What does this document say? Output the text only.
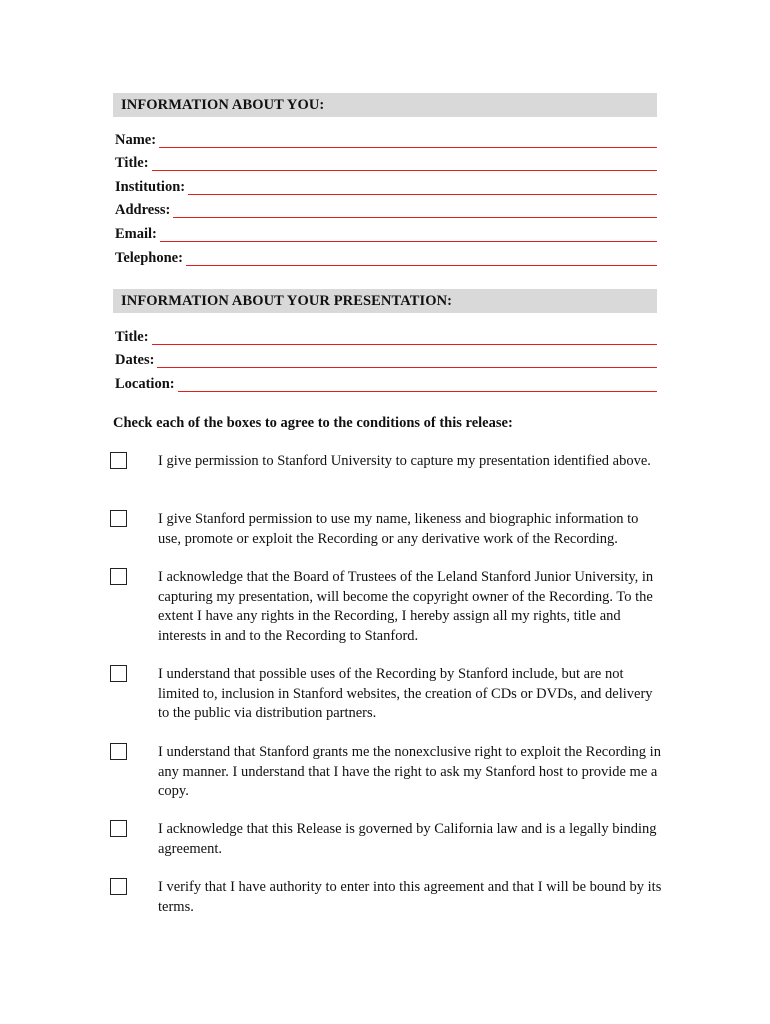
INFORMATION ABOUT YOU:
Name:
Title:
Institution:
Address:
Email:
Telephone:
INFORMATION ABOUT YOUR PRESENTATION:
Title:
Dates:
Location:
Check each of the boxes to agree to the conditions of this release:

I give permission to Stanford University to capture my presentation identified above.

I give Stanford permission to use my name, likeness and biographic information to use, promote or exploit the Recording or any derivative work of the Recording.

I acknowledge that the Board of Trustees of the Leland Stanford Junior University, in capturing my presentation, will become the copyright owner of the Recording. To the extent I have any rights in the Recording, I hereby assign all my rights, title and interests in and to the Recording to Stanford.

I understand that possible uses of the Recording by Stanford include, but are not limited to, inclusion in Stanford websites, the creation of CDs or DVDs, and delivery to the public via distribution partners.

I understand that Stanford grants me the nonexclusive right to exploit the Recording in any manner. I understand that I have the right to ask my Stanford host to provide me a copy.

I acknowledge that this Release is governed by California law and is a legally binding agreement.

I verify that I have authority to enter into this agreement and that I will be bound by its terms.
